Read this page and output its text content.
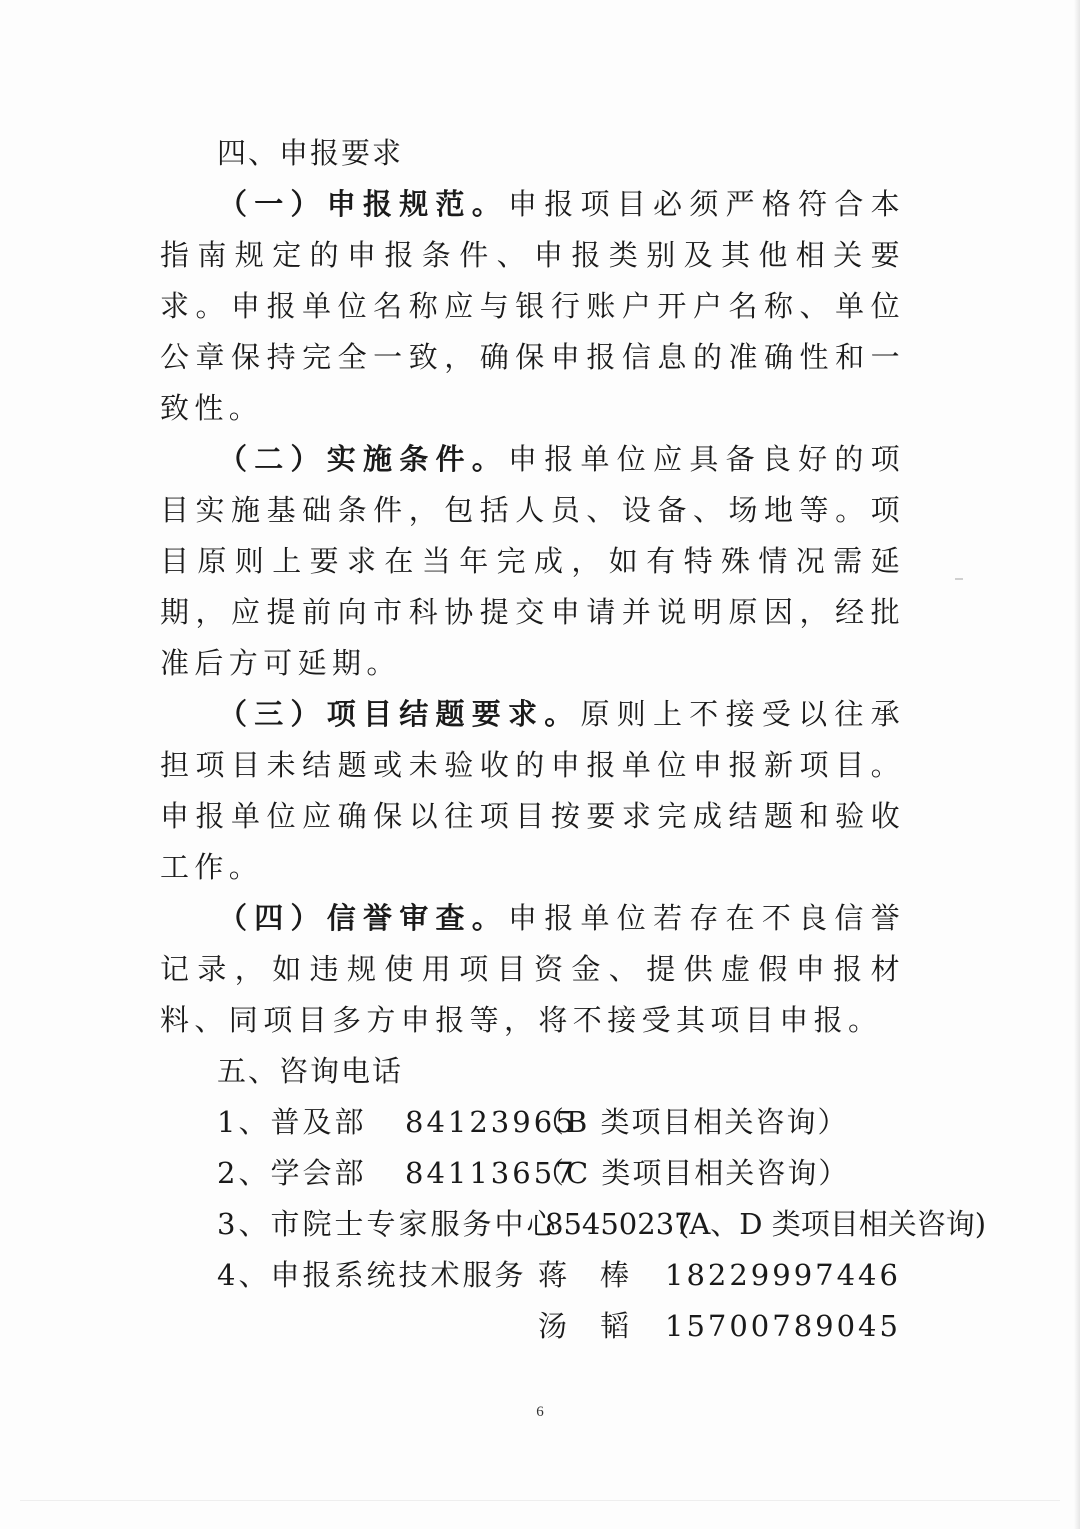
四、申报要求

（一）申报规范。申报项目必须严格符合本指南规定的申报条件、申报类别及其他相关要求。申报单位名称应与银行账户开户名称、单位公章保持完全一致，确保申报信息的准确性和一致性。

（二）实施条件。申报单位应具备良好的项目实施基础条件，包括人员、设备、场地等。项目原则上要求在当年完成，如有特殊情况需延期，应提前向市科协提交申请并说明原因，经批准后方可延期。

（三）项目结题要求。原则上不接受以往承担项目未结题或未验收的申报单位申报新项目。申报单位应确保以往项目按要求完成结题和验收工作。

（四）信誉审查。申报单位若存在不良信誉记录，如违规使用项目资金、提供虚假申报材料、同项目多方申报等，将不接受其项目申报。

五、咨询电话
1、普及部 84123965
（B 类项目相关咨询）
2、学会部 84113657
（C 类项目相关咨询）
3、市院士专家服务中心
85450237
(A、D 类项目相关咨询)
4、申报系统技术服务 蒋　棒 18229997446
汤　韬 15700789045
6
